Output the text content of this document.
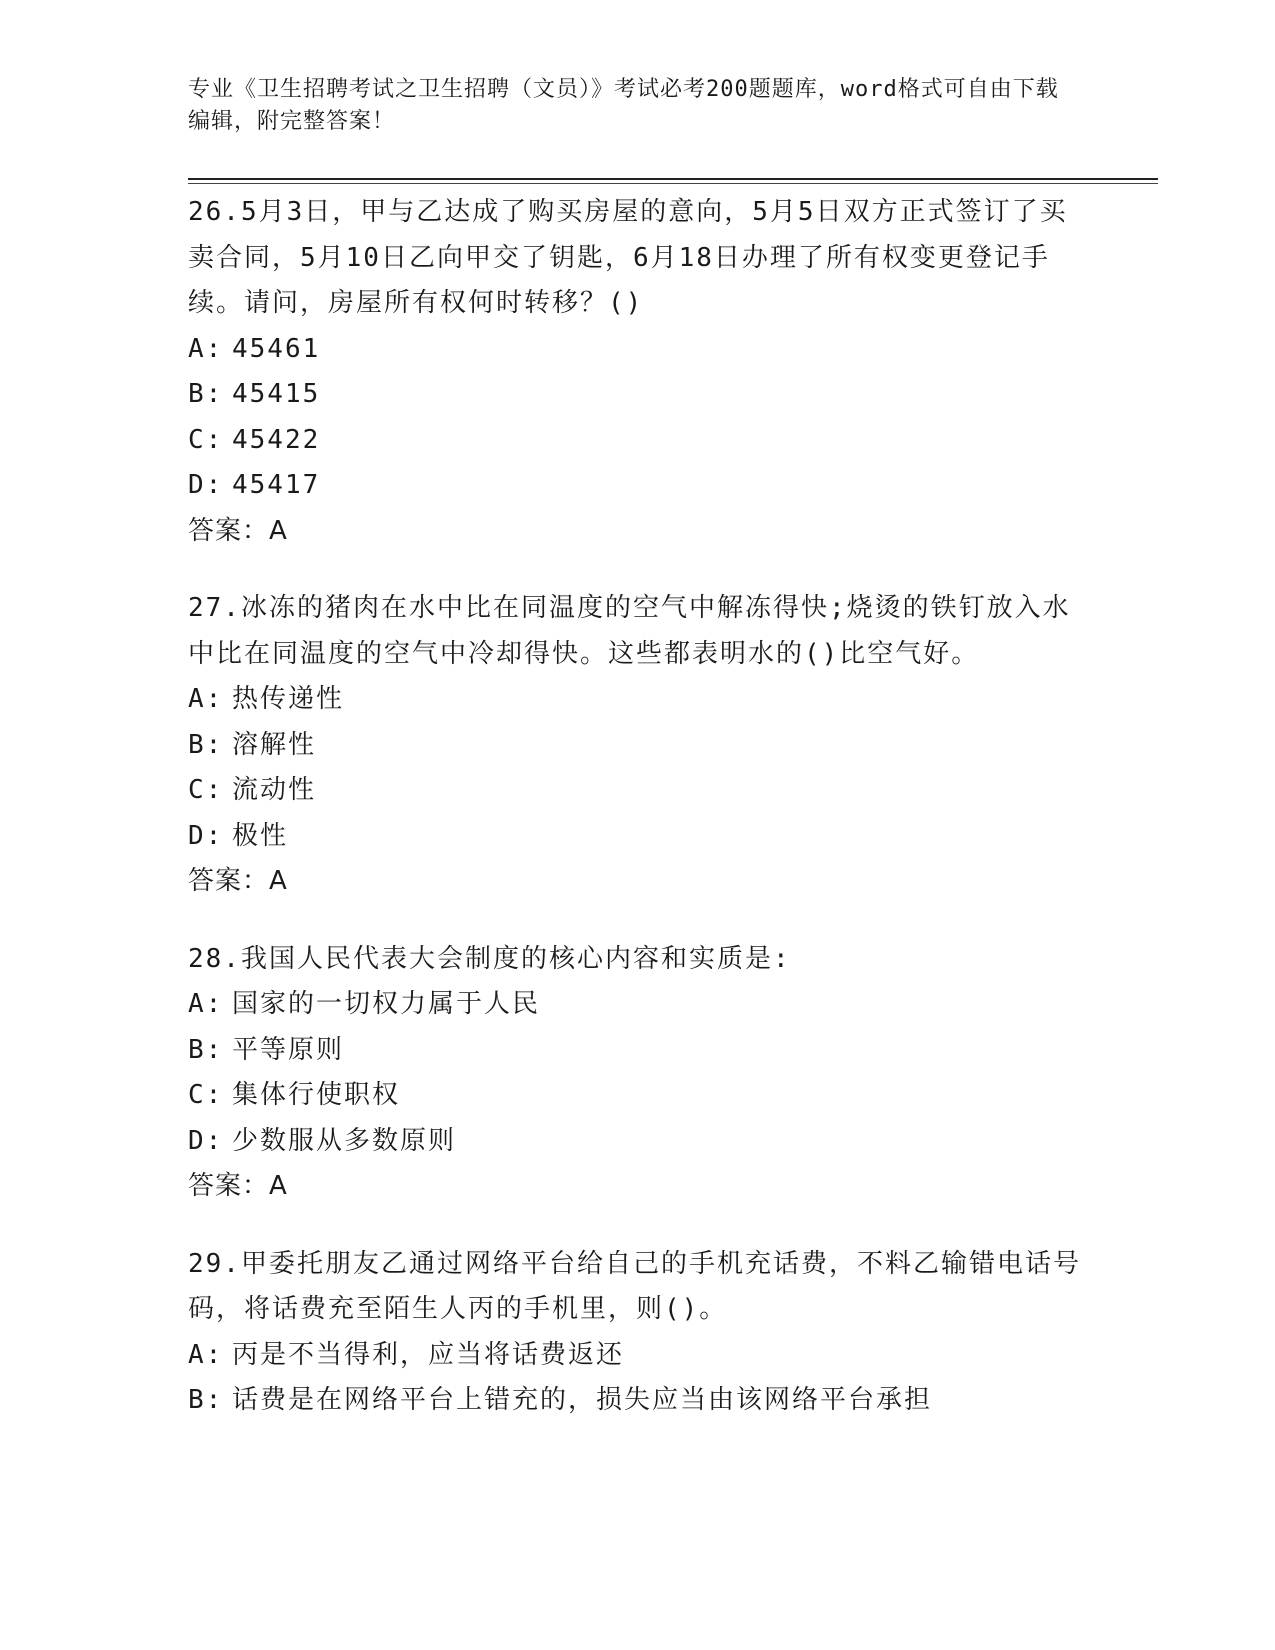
专业《卫生招聘考试之卫生招聘（文员）》考试必考200题题库，word格式可自由下载编辑，附完整答案！

26.5月3日，甲与乙达成了购买房屋的意向，5月5日双方正式签订了买卖合同，5月10日乙向甲交了钥匙，6月18日办理了所有权变更登记手续。请问，房屋所有权何时转移？()

A: 45461

B: 45415

C: 45422

D: 45417

答案：A

27.冰冻的猪肉在水中比在同温度的空气中解冻得快;烧烫的铁钉放入水中比在同温度的空气中冷却得快。这些都表明水的()比空气好。

A: 热传递性

B: 溶解性

C: 流动性

D: 极性

答案：A

28.我国人民代表大会制度的核心内容和实质是:

A: 国家的一切权力属于人民

B: 平等原则

C: 集体行使职权

D: 少数服从多数原则

答案：A

29.甲委托朋友乙通过网络平台给自己的手机充话费，不料乙输错电话号码，将话费充至陌生人丙的手机里，则()。

A: 丙是不当得利，应当将话费返还

B: 话费是在网络平台上错充的，损失应当由该网络平台承担
